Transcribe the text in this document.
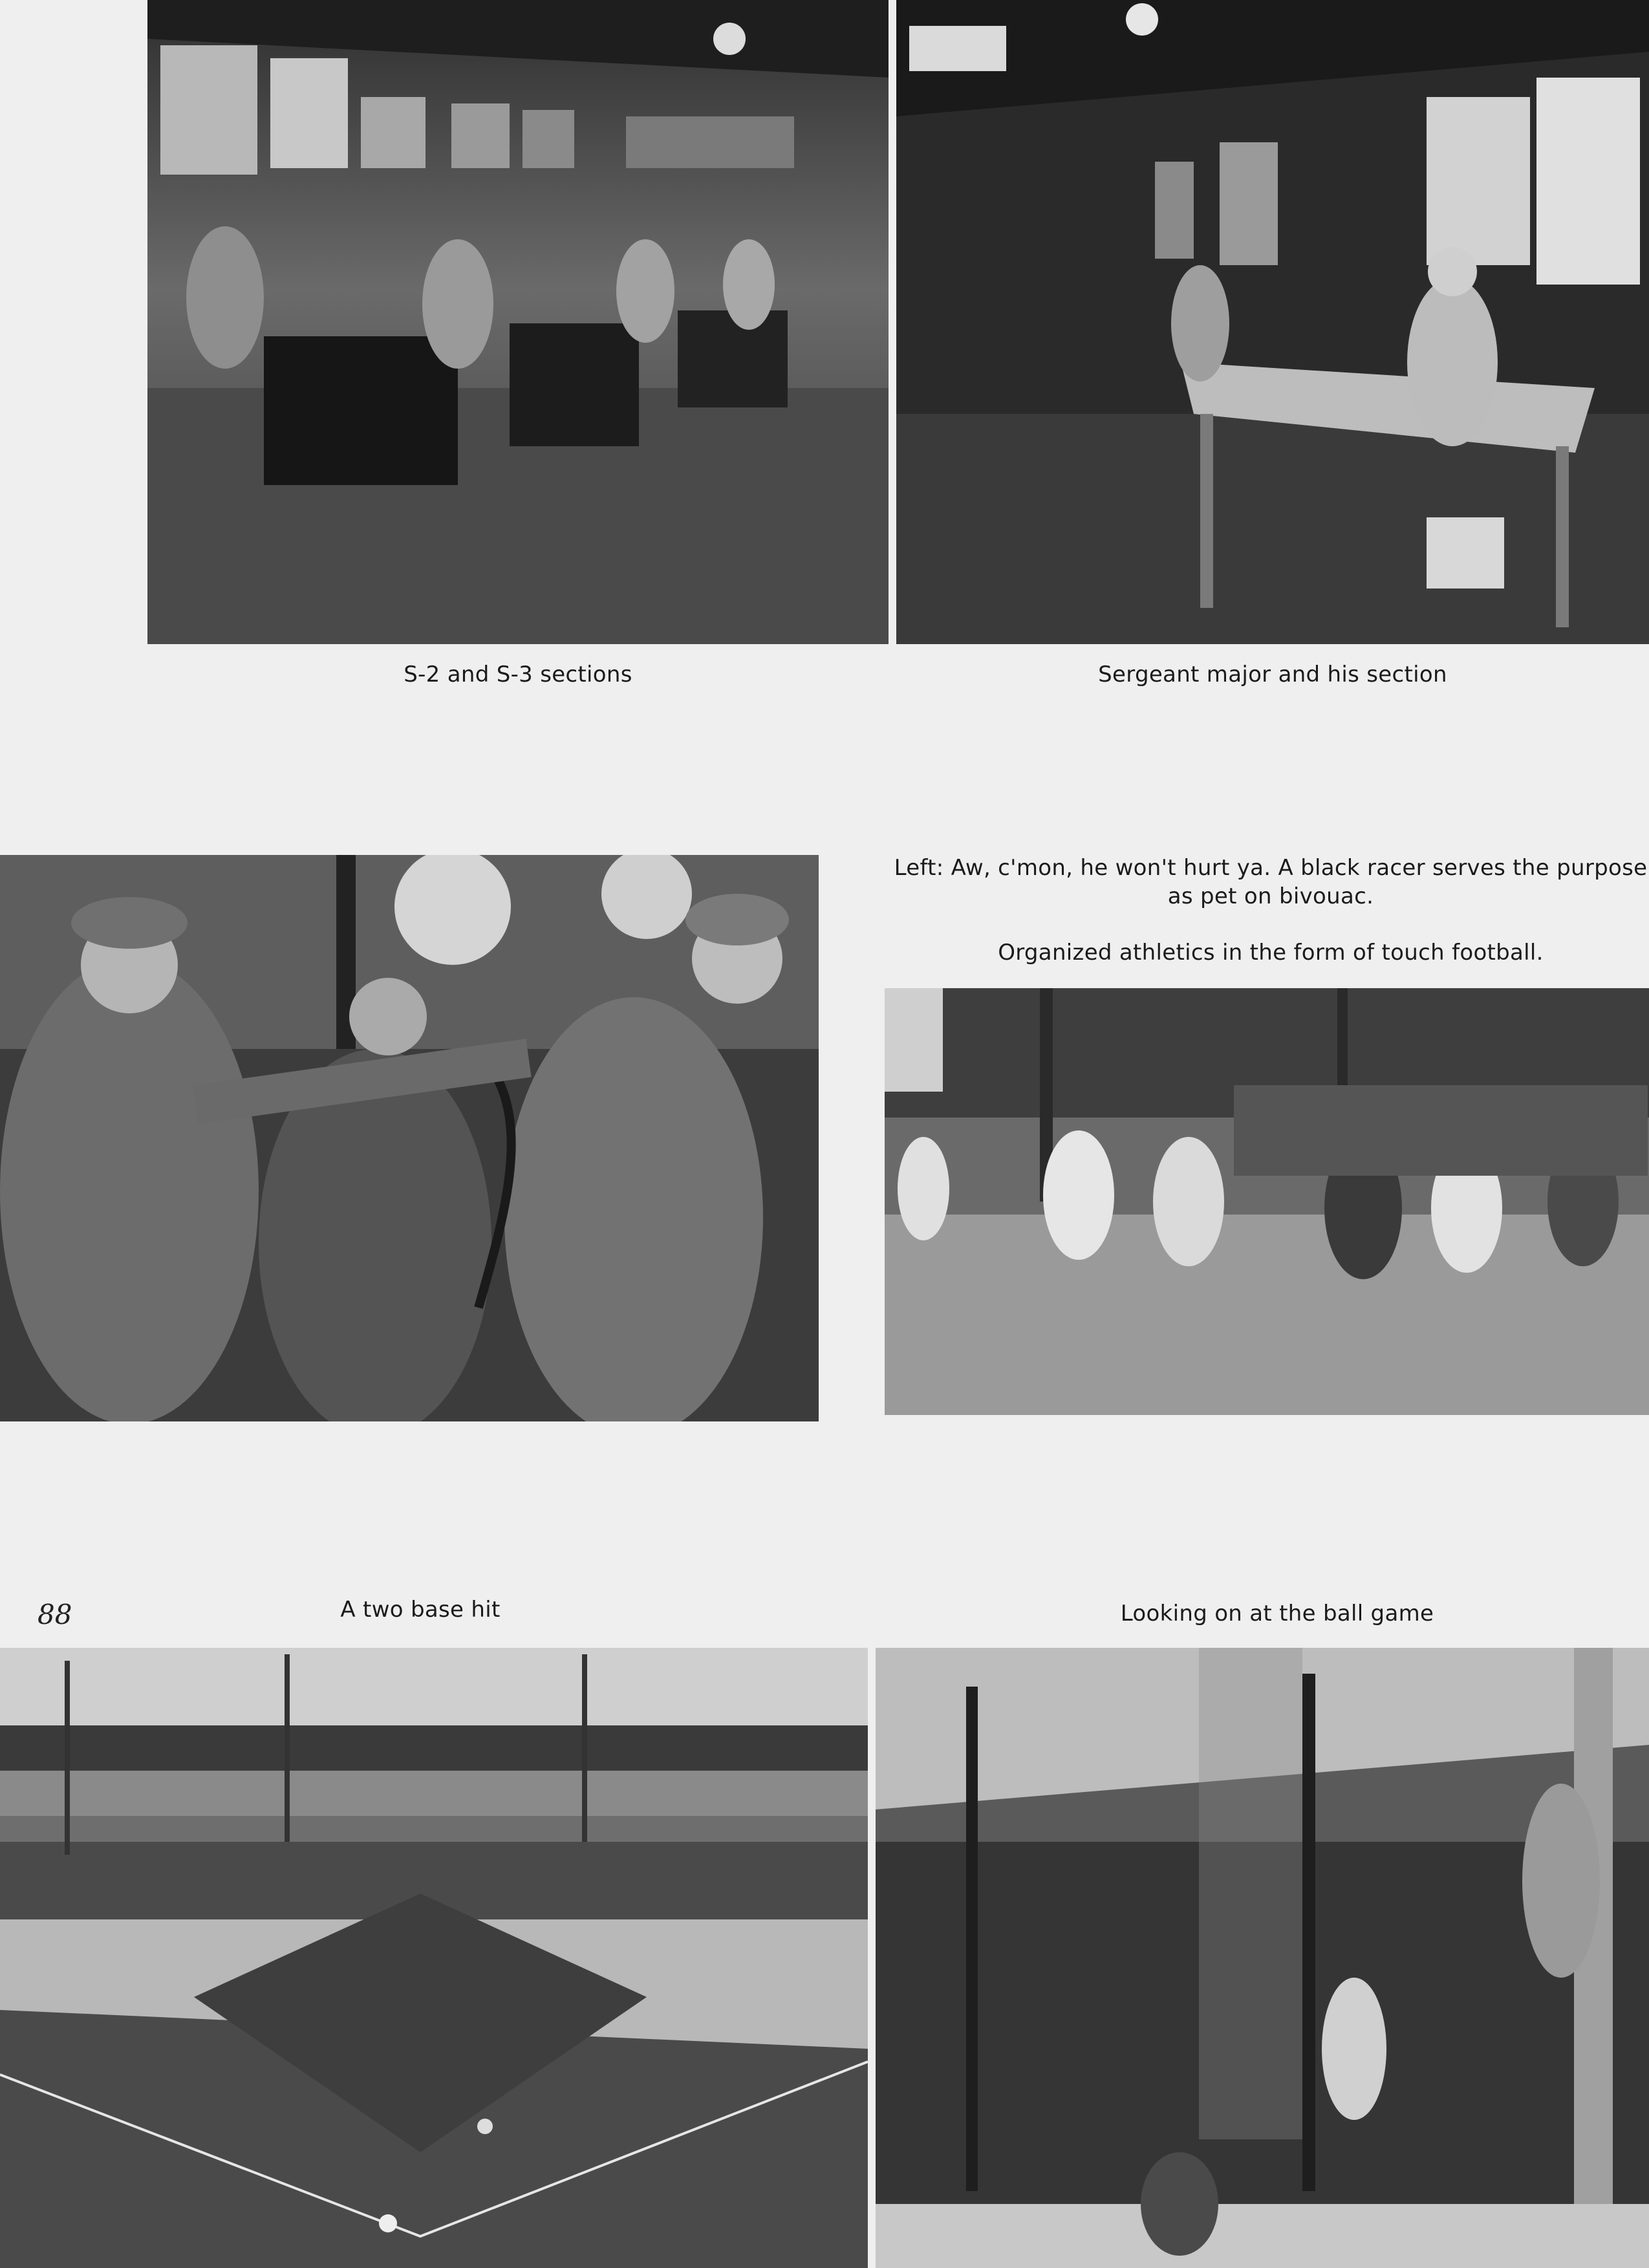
S-2 and S-3 sections	Sergeant major and his section
Left: Aw, c'mon, he won't hurt ya. A black racer serves the purpose
as pet on bivouac.
Organized athletics in the form of touch football.
88	A two base hit	Looking on at the ball game
